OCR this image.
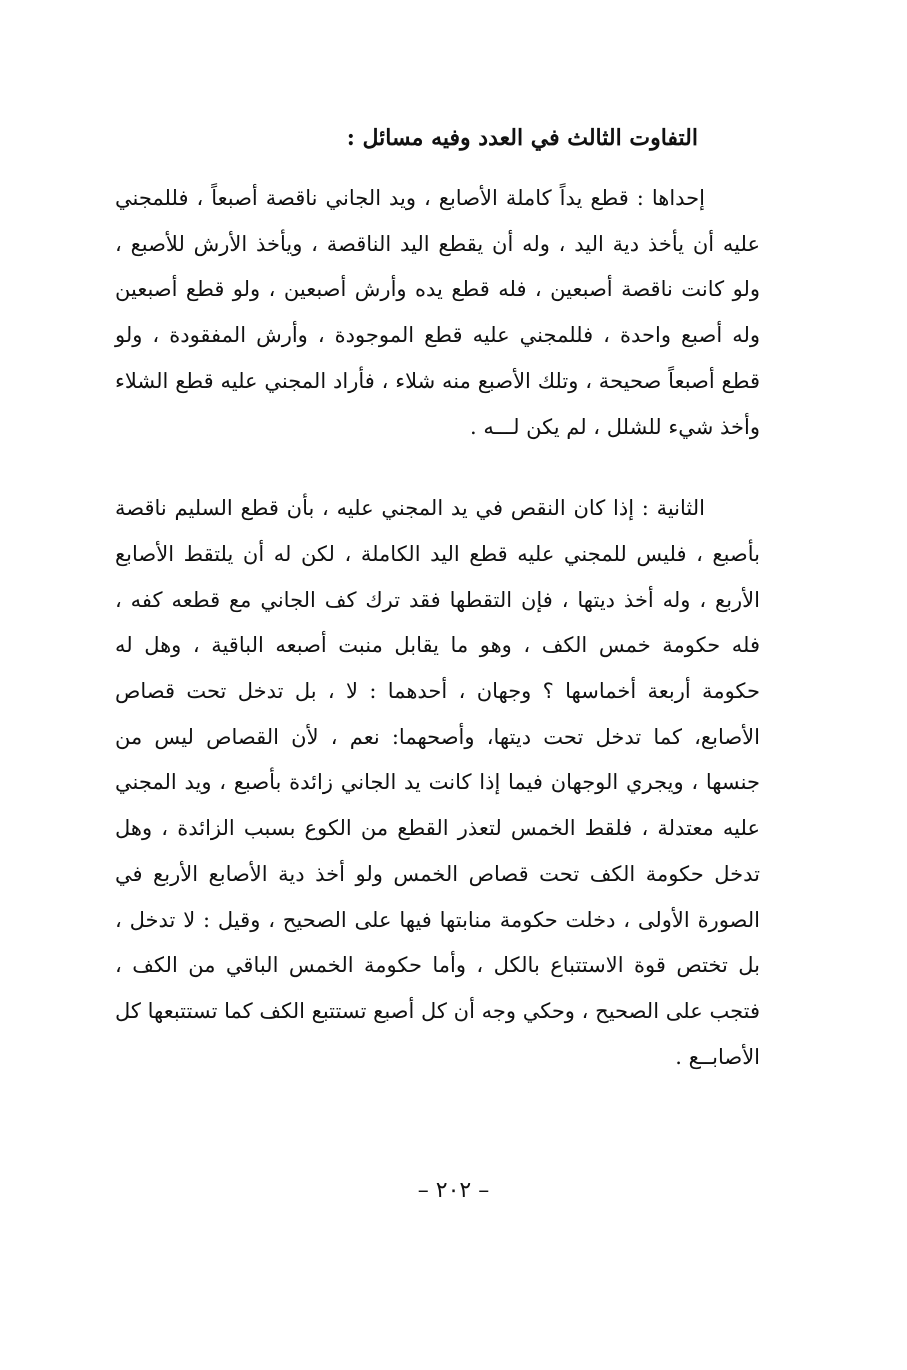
التفاوت الثالث في العدد وفيه مسائل :

إحداها : قطع يداً كاملة الأصابع ، ويد الجاني ناقصة أصبعاً ، فللمجني عليه أن يأخذ دية اليد ، وله أن يقطع اليد الناقصة ، ويأخذ الأرش للأصبع ، ولو كانت ناقصة أصبعين ، فله قطع يده وأرش أصبعين ، ولو قطع أصبعين وله أصبع واحدة ، فللمجني عليه قطع الموجودة ، وأرش المفقودة ، ولو قطع أصبعاً صحيحة ، وتلك الأصبع منه شلاء ، فأراد المجني عليه قطع الشلاء وأخذ شيء للشلل ، لم يكن لـــه .

الثانية : إذا كان النقص في يد المجني عليه ، بأن قطع السليم ناقصة بأصبع ، فليس للمجني عليه قطع اليد الكاملة ، لكن له أن يلتقط الأصابع الأربع ، وله أخذ ديتها ، فإن التقطها فقد ترك كف الجاني مع قطعه كفه ، فله حكومة خمس الكف ، وهو ما يقابل منبت أصبعه الباقية ، وهل له حكومة أربعة أخماسها ؟ وجهان ، أحدهما : لا ، بل تدخل تحت قصاص الأصابع، كما تدخل تحت ديتها، وأصحهما: نعم ، لأن القصاص ليس من جنسها ، ويجري الوجهان فيما إذا كانت يد الجاني زائدة بأصبع ، ويد المجني عليه معتدلة ، فلقط الخمس لتعذر القطع من الكوع بسبب الزائدة ، وهل تدخل حكومة الكف تحت قصاص الخمس ولو أخذ دية الأصابع الأربع في الصورة الأولى ، دخلت حكومة منابتها فيها على الصحيح ، وقيل : لا تدخل ، بل تختص قوة الاستتباع بالكل ، وأما حكومة الخمس الباقي من الكف ، فتجب على الصحيح ، وحكي وجه أن كل أصبع تستتبع الكف كما تستتبعها كل الأصابــع .

– ٢٠٢ –
